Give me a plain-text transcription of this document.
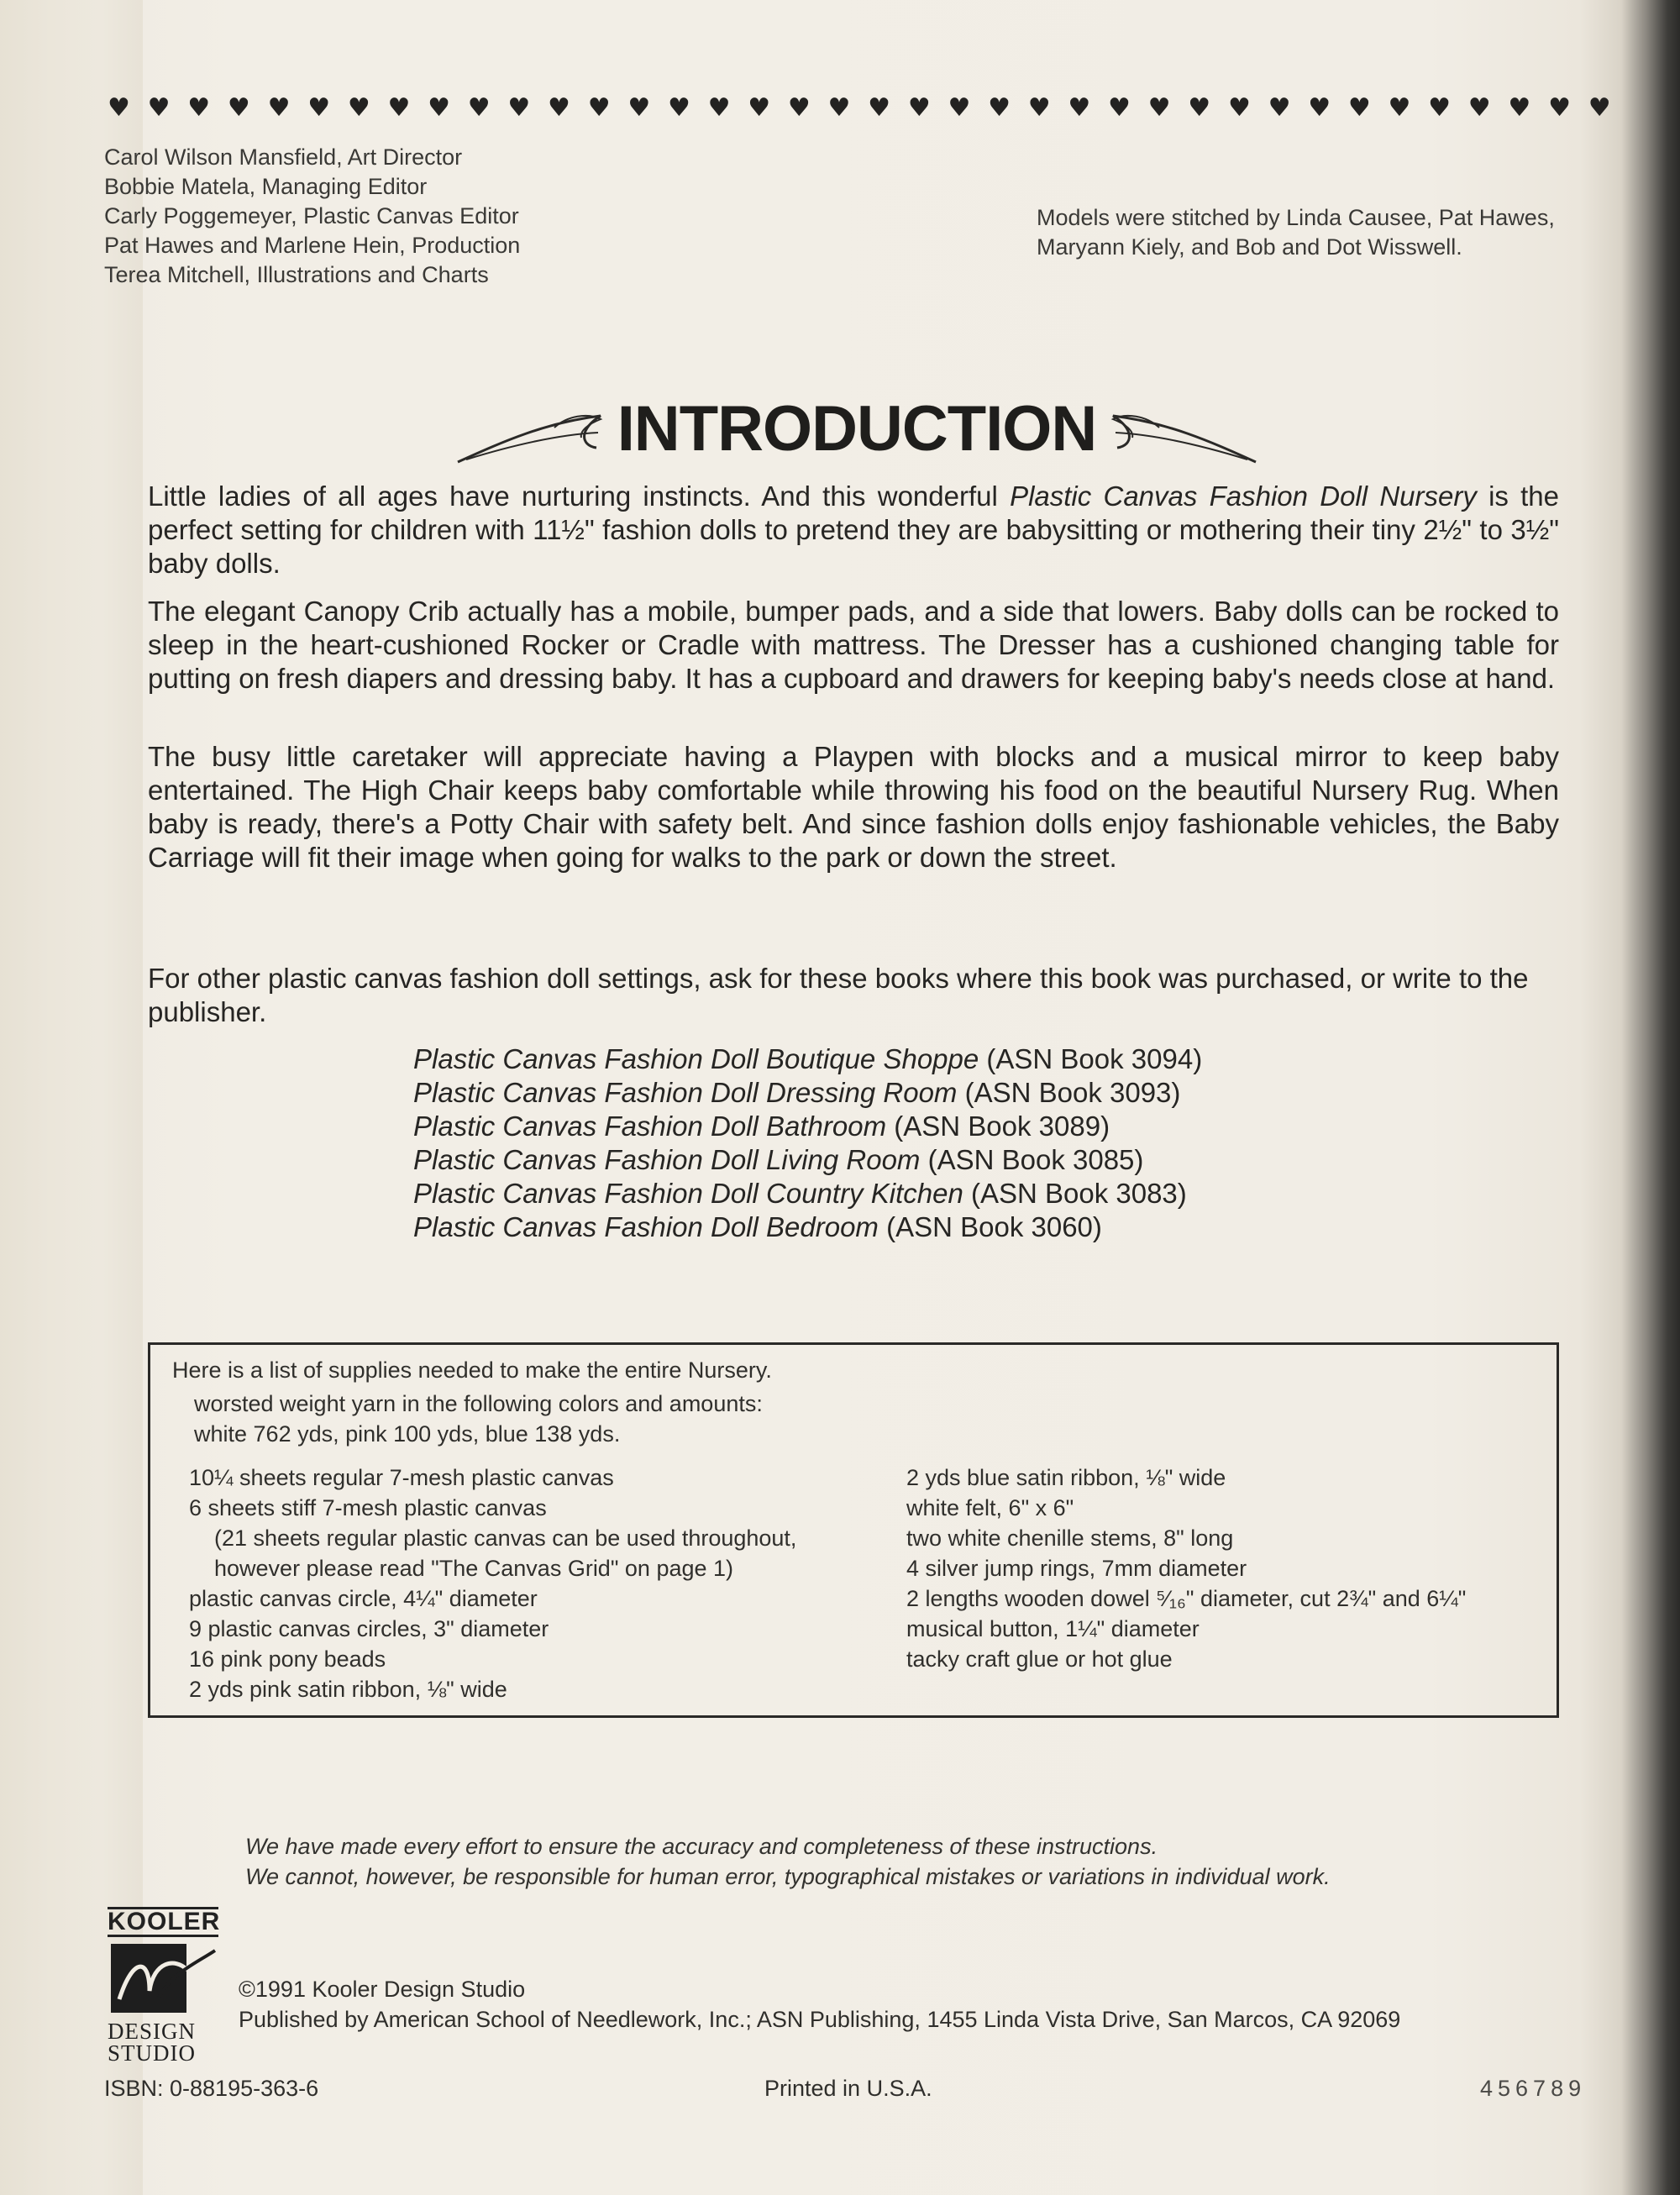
♥ ♥ ♥ ♥ ♥ ♥ ♥ ♥ ♥ ♥ ♥ ♥ ♥ ♥ ♥ ♥ ♥ ♥ ♥ ♥ ♥ ♥ ♥ ♥ ♥ ♥ ♥ ♥ ♥ ♥ ♥ ♥ ♥ ♥ ♥ ♥ ♥ ♥
Carol Wilson Mansfield, Art Director
Bobbie Matela, Managing Editor
Carly Poggemeyer, Plastic Canvas Editor
Pat Hawes and Marlene Hein, Production
Terea Mitchell, Illustrations and Charts
Models were stitched by Linda Causee, Pat Hawes,
Maryann Kiely, and Bob and Dot Wisswell.
INTRODUCTION

Little ladies of all ages have nurturing instincts. And this wonderful Plastic Canvas Fashion Doll Nursery is the perfect setting for children with 11½" fashion dolls to pretend they are babysitting or mothering their tiny 2½" to 3½" baby dolls.

The elegant Canopy Crib actually has a mobile, bumper pads, and a side that lowers. Baby dolls can be rocked to sleep in the heart-cushioned Rocker or Cradle with mattress. The Dresser has a cushioned changing table for putting on fresh diapers and dressing baby. It has a cupboard and drawers for keeping baby's needs close at hand.

The busy little caretaker will appreciate having a Playpen with blocks and a musical mirror to keep baby entertained. The High Chair keeps baby comfortable while throwing his food on the beautiful Nursery Rug. When baby is ready, there's a Potty Chair with safety belt. And since fashion dolls enjoy fashionable vehicles, the Baby Carriage will fit their image when going for walks to the park or down the street.

For other plastic canvas fashion doll settings, ask for these books where this book was purchased, or write to the publisher.

Plastic Canvas Fashion Doll Boutique Shoppe (ASN Book 3094)
Plastic Canvas Fashion Doll Dressing Room (ASN Book 3093)
Plastic Canvas Fashion Doll Bathroom (ASN Book 3089)
Plastic Canvas Fashion Doll Living Room (ASN Book 3085)
Plastic Canvas Fashion Doll Country Kitchen (ASN Book 3083)
Plastic Canvas Fashion Doll Bedroom (ASN Book 3060)
Here is a list of supplies needed to make the entire Nursery.
worsted weight yarn in the following colors and amounts:
white 762 yds, pink 100 yds, blue 138 yds.
10¼ sheets regular 7-mesh plastic canvas
6 sheets stiff 7-mesh plastic canvas
(21 sheets regular plastic canvas can be used throughout,
however please read "The Canvas Grid" on page 1)
plastic canvas circle, 4¼" diameter
9 plastic canvas circles, 3" diameter
16 pink pony beads
2 yds pink satin ribbon, ⅛" wide
2 yds blue satin ribbon, ⅛" wide
white felt, 6" x 6"
two white chenille stems, 8" long
4 silver jump rings, 7mm diameter
2 lengths wooden dowel ⁵⁄₁₆" diameter, cut 2¾" and 6¼"
musical button, 1¼" diameter
tacky craft glue or hot glue
We have made every effort to ensure the accuracy and completeness of these instructions.
We cannot, however, be responsible for human error, typographical mistakes or variations in individual work.
KOOLER
DESIGN
STUDIO
©1991 Kooler Design Studio
Published by American School of Needlework, Inc.; ASN Publishing, 1455 Linda Vista Drive, San Marcos, CA 92069
ISBN: 0-88195-363-6	Printed in U.S.A.	456789
